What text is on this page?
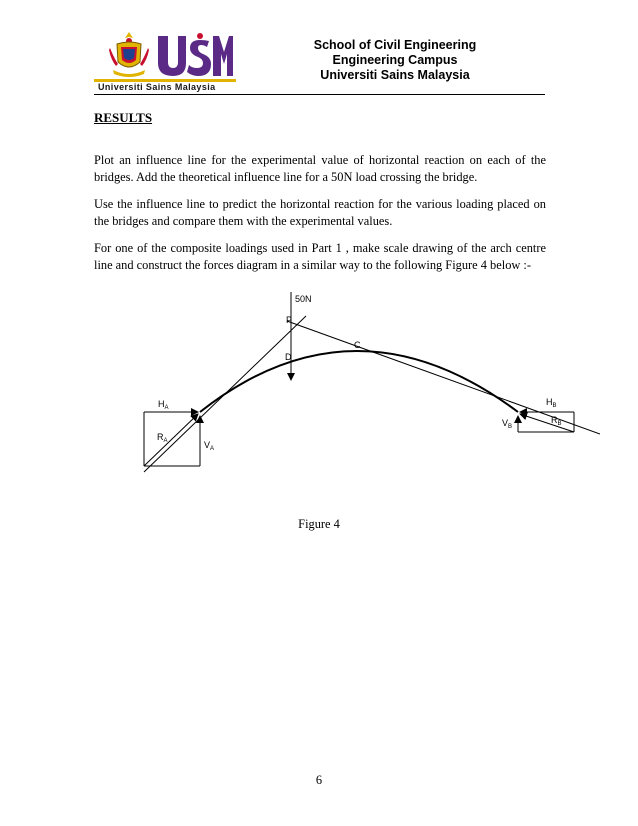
Universiti Sains Malaysia
School of Civil Engineering
Engineering Campus
Universiti Sains Malaysia
RESULTS
Plot an influence line for the experimental value of horizontal reaction on each of the bridges. Add the theoretical influence line for a 50N load crossing the bridge.
Use the influence line to predict the horizontal reaction for the various loading placed on the bridges and compare them with the experimental values.
For one of the composite loadings used in Part 1 , make scale drawing of the arch centre line and construct the forces diagram in a similar way to the following Figure 4 below :-
50N
P
C
D
$H_A$
$R_A$	$V_A$
$H_B$
$R_B$
$V_B$
Figure 4
6
